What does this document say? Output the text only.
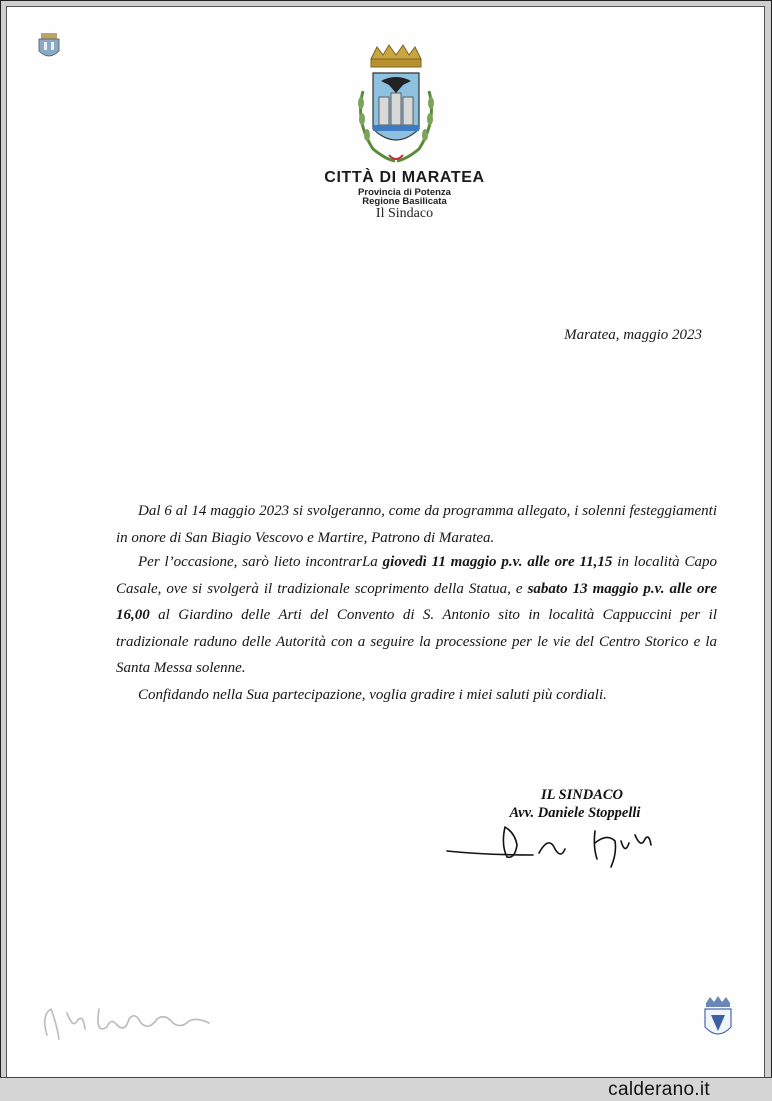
CITTÀ DI MARATEA
Provincia di Potenza
Regione Basilicata
Il Sindaco
Maratea, maggio 2023
Dal 6 al 14 maggio 2023 si svolgeranno, come da programma allegato, i solenni festeggiamenti in onore di San Biagio Vescovo e Martire, Patrono di Maratea.
Per l’occasione, sarò lieto incontrarLa giovedì 11 maggio p.v. alle ore 11,15 in località Capo Casale, ove si svolgerà il tradizionale scoprimento della Statua, e sabato 13 maggio p.v. alle ore 16,00 al Giardino delle Arti del Convento di S. Antonio sito in località Cappuccini per il tradizionale raduno delle Autorità con a seguire la processione per le vie del Centro Storico e la Santa Messa solenne.
Confidando nella Sua partecipazione, voglia gradire i miei saluti più cordiali.
IL SINDACO
Avv. Daniele Stoppelli
calderano.it
